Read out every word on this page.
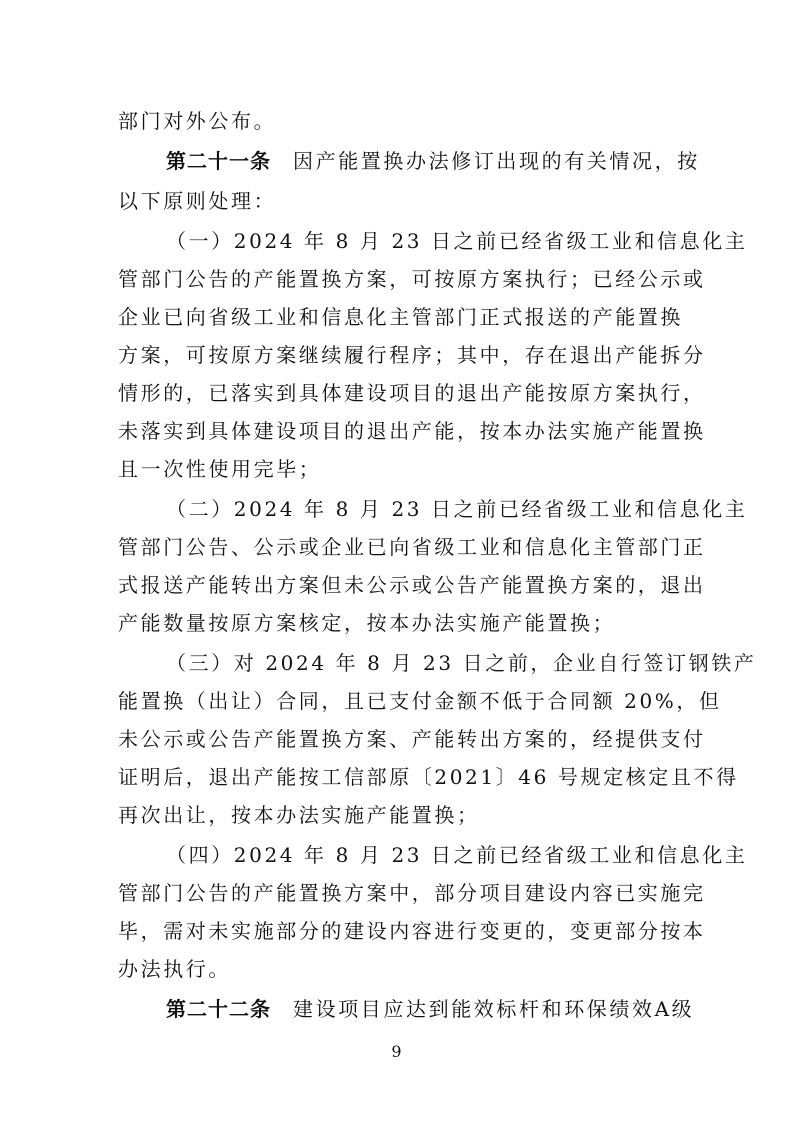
部门对外公布。
第二十一条 因产能置换办法修订出现的有关情况，按
以下原则处理：
（一）2024 年 8 月 23 日之前已经省级工业和信息化主
管部门公告的产能置换方案，可按原方案执行；已经公示或
企业已向省级工业和信息化主管部门正式报送的产能置换
方案，可按原方案继续履行程序；其中，存在退出产能拆分
情形的，已落实到具体建设项目的退出产能按原方案执行，
未落实到具体建设项目的退出产能，按本办法实施产能置换
且一次性使用完毕；
（二）2024 年 8 月 23 日之前已经省级工业和信息化主
管部门公告、公示或企业已向省级工业和信息化主管部门正
式报送产能转出方案但未公示或公告产能置换方案的，退出
产能数量按原方案核定，按本办法实施产能置换；
（三）对 2024 年 8 月 23 日之前，企业自行签订钢铁产
能置换（出让）合同，且已支付金额不低于合同额 20%，但
未公示或公告产能置换方案、产能转出方案的，经提供支付
证明后，退出产能按工信部原〔2021〕46 号规定核定且不得
再次出让，按本办法实施产能置换；
（四）2024 年 8 月 23 日之前已经省级工业和信息化主
管部门公告的产能置换方案中，部分项目建设内容已实施完
毕，需对未实施部分的建设内容进行变更的，变更部分按本
办法执行。
第二十二条 建设项目应达到能效标杆和环保绩效A级
9
